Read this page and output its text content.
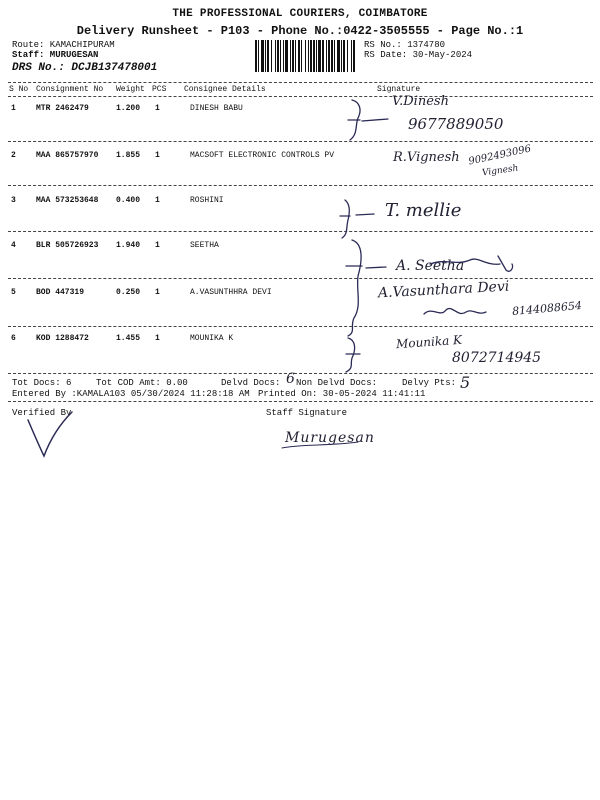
THE PROFESSIONAL COURIERS, COIMBATORE
Delivery Runsheet - P103 - Phone No.:0422-3505555 - Page No.:1
Route: KAMACHIPURAM
Staff: MURUGESAN
DRS No.: DCJB137478001
RS No.: 1374780
RS Date: 30-May-2024
S No Consignment No Weight PCS Consignee Details	Signature
1	MTR 2462479	1.200 1	DINESH BABU	V.Dinesh
9677889050
2	MAA 865757970 1.855 1	MACSOFT ELECTRONIC CONTROLS PV	R.Vignesh 9092493096
Vignesh
3	MAA 573253648 0.400 1	ROSHINI	T. mellie
4	BLR 505726923 1.940 1	SEETHA
A. Seetha
5	BOD 447319	0.250 1	A.VASUNTHHRA DEVI	A.Vasunthara Devi
8144088654
6	KOD 1288472	1.455 1	MOUNIKA K	Mounika K
8072714945
Tot Docs: 6	Tot COD Amt: 0.00	Delvd Docs: 6 Non Delvd Docs:	Delvy Pts: 5
Entered By :KAMALA103 05/30/2024 11:28:18 AM Printed On: 30-05-2024 11:41:11
Verified By	Staff Signature
Murugesan
